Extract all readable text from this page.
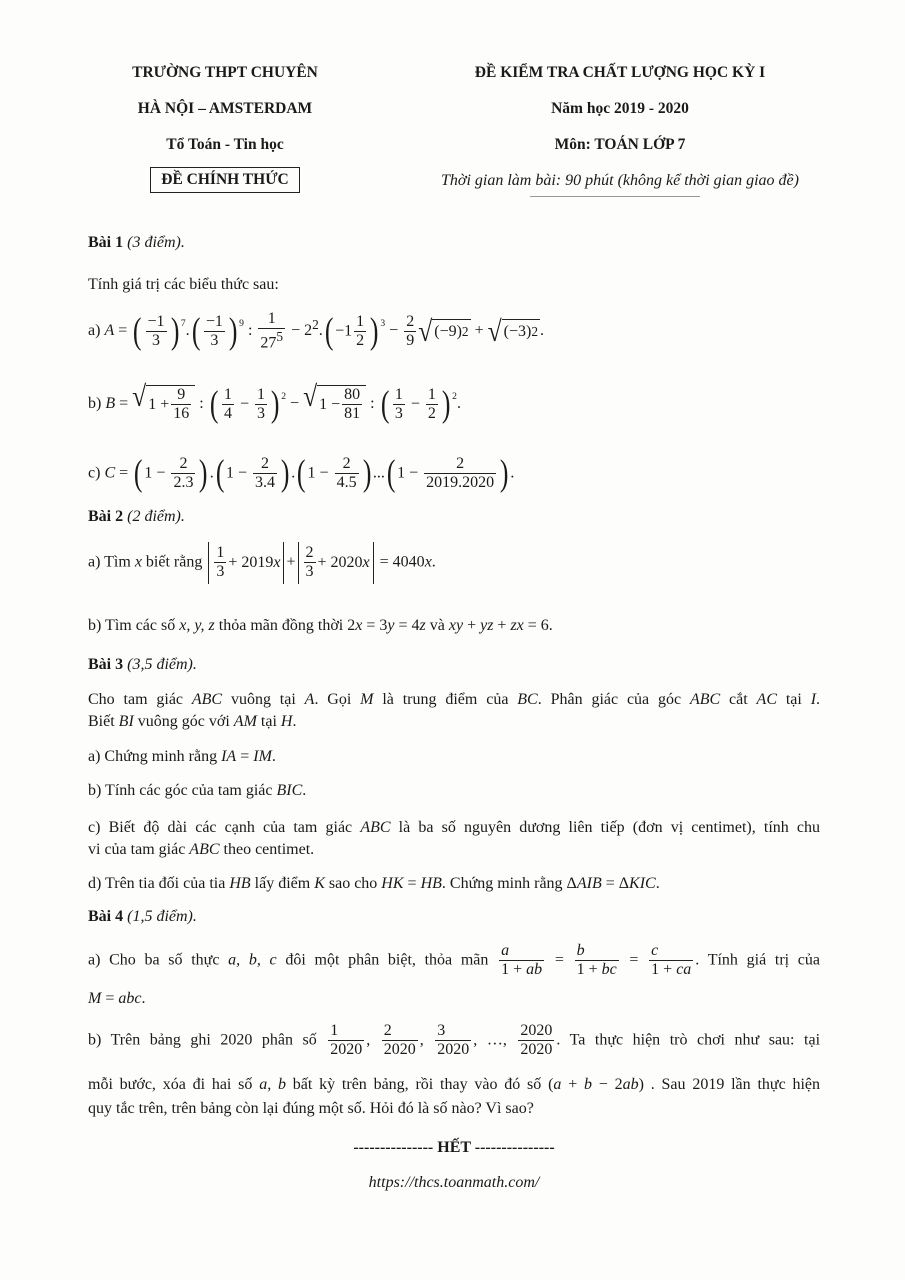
TRƯỜNG THPT CHUYÊN
HÀ NỘI – AMSTERDAM
Tổ Toán - Tin học
ĐỀ CHÍNH THỨC
ĐỀ KIỂM TRA CHẤT LƯỢNG HỌC KỲ I
Năm học 2019 - 2020
Môn: TOÁN LỚP 7
Thời gian làm bài: 90 phút (không kể thời gian giao đề)
Bài 1 (3 điểm).
Tính giá trị các biểu thức sau:
a) A = ( $\frac{-1}{3}$ ) 7 . ( $\frac{-1}{3}$ ) 9 : $\frac{1}{27^5} - 2^2$. ( $-1 \frac{1}{2}$ ) $3 - \frac{2}{9}$ √ (−9) 2 + √ (−3) 2 .
b) B = √ $1 + \frac{9}{16}$ : ( $\frac{1}{4} - \frac{1}{3}$ ) 2 − √ $1 - \frac{80}{81}$ : ( $\frac{1}{3} - \frac{1}{2}$ ) 2 .
c) C = ( $1 - \frac{2}{2.3}$ ) . ( $1 - \frac{2}{3.4}$ ) . ( $1 - \frac{2}{4.5}$ ) ... ( $1 - \frac{2}{2019.2020}$ ) .
Bài 2 (2 điểm).
a) Tìm x biết rằng $\frac{1}{3} + 2019$ $x + \frac{2}{3} + 2020$ x = 4040x.
b) Tìm các số x, y, z thỏa mãn đồng thời 2x = 3y = 4z và xy + yz + zx = 6.
Bài 3 (3,5 điểm).
Cho tam giác ABC vuông tại A. Gọi M là trung điểm của BC. Phân giác của góc ABC cắt AC tại I.
Biết BI vuông góc với AM tại H.
a) Chứng minh rằng IA = IM.
b) Tính các góc của tam giác BIC.
c) Biết độ dài các cạnh của tam giác ABC là ba số nguyên dương liên tiếp (đơn vị centimet), tính chu
vi của tam giác ABC theo centimet.
d) Trên tia đối của tia HB lấy điểm K sao cho HK = HB. Chứng minh rằng ΔAIB = ΔKIC.
Bài 4 (1,5 điểm).
a) Cho ba số thực a, b, c đôi một phân biệt, thỏa mãn $\frac{a}{1 + ab} = \frac{b}{1 + bc} = \frac{c}{1 + ca}$ . Tính giá trị của
M = abc.
b) Trên bảng ghi 2020 phân số $\frac{1}{2020}$ , $\frac{2}{2020}$ , $\frac{3}{2020}$ , …, $\frac{2020}{2020}$ . Ta thực hiện trò chơi như sau: tại
mỗi bước, xóa đi hai số a, b bất kỳ trên bảng, rồi thay vào đó số (a + b − 2ab) . Sau 2019 lần thực hiện
quy tắc trên, trên bảng còn lại đúng một số. Hỏi đó là số nào? Vì sao?
--------------- HẾT ---------------
https://thcs.toanmath.com/
